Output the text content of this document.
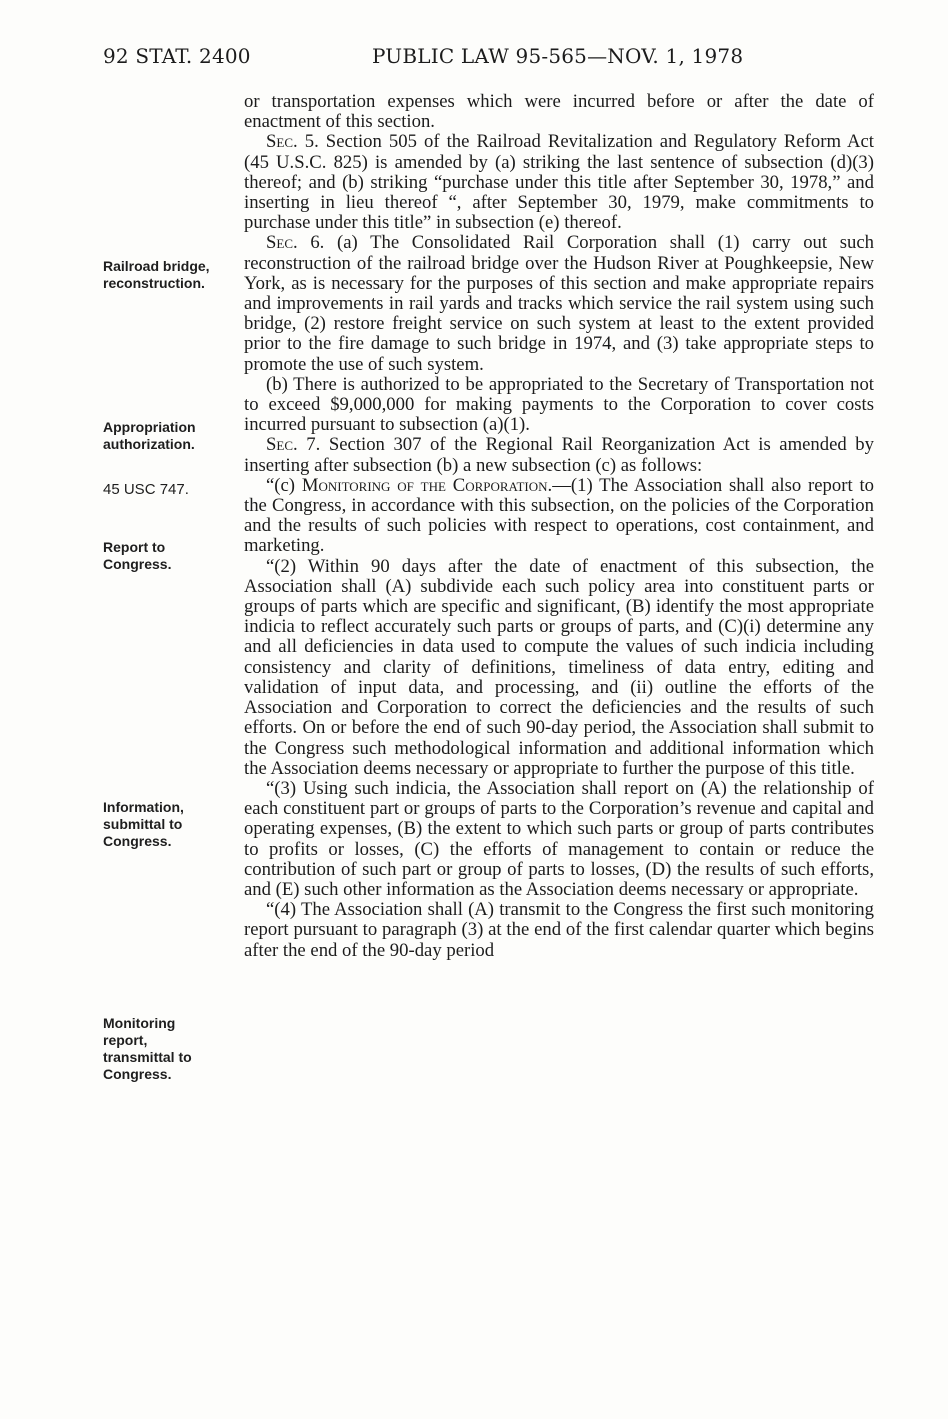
92 STAT. 2400	PUBLIC LAW 95-565—NOV. 1, 1978
Railroad bridge,
reconstruction.
Appropriation
authorization.
45 USC 747.
Report to
Congress.
Information,
submittal to
Congress.
Monitoring
report,
transmittal to
Congress.

or transportation expenses which were incurred before or after the date of enactment of this section.

Sec. 5. Section 505 of the Railroad Revitalization and Regulatory Reform Act (45 U.S.C. 825) is amended by (a) striking the last sentence of subsection (d)(3) thereof; and (b) striking “purchase under this title after September 30, 1978,” and inserting in lieu thereof “, after September 30, 1979, make commitments to purchase under this title” in subsection (e) thereof.

Sec. 6. (a) The Consolidated Rail Corporation shall (1) carry out such reconstruction of the railroad bridge over the Hudson River at Poughkeepsie, New York, as is necessary for the purposes of this section and make appropriate repairs and improvements in rail yards and tracks which service the rail system using such bridge, (2) restore freight service on such system at least to the extent provided prior to the fire damage to such bridge in 1974, and (3) take appropriate steps to promote the use of such system.

(b) There is authorized to be appropriated to the Secretary of Transportation not to exceed $9,000,000 for making payments to the Corporation to cover costs incurred pursuant to subsection (a)(1).

Sec. 7. Section 307 of the Regional Rail Reorganization Act is amended by inserting after subsection (b) a new subsection (c) as follows:

“(c) Monitoring of the Corporation.—(1) The Association shall also report to the Congress, in accordance with this subsection, on the policies of the Corporation and the results of such policies with respect to operations, cost containment, and marketing.

“(2) Within 90 days after the date of enactment of this subsection, the Association shall (A) subdivide each such policy area into constituent parts or groups of parts which are specific and significant, (B) identify the most appropriate indicia to reflect accurately such parts or groups of parts, and (C)(i) determine any and all deficiencies in data used to compute the values of such indicia including consistency and clarity of definitions, timeliness of data entry, editing and validation of input data, and processing, and (ii) outline the efforts of the Association and Corporation to correct the deficiencies and the results of such efforts. On or before the end of such 90-day period, the Association shall submit to the Congress such methodological information and additional information which the Association deems necessary or appropriate to further the purpose of this title.

“(3) Using such indicia, the Association shall report on (A) the relationship of each constituent part or groups of parts to the Corporation’s revenue and capital and operating expenses, (B) the extent to which such parts or group of parts contributes to profits or losses, (C) the efforts of management to contain or reduce the contribution of such part or group of parts to losses, (D) the results of such efforts, and (E) such other information as the Association deems necessary or appropriate.

“(4) The Association shall (A) transmit to the Congress the first such monitoring report pursuant to paragraph (3) at the end of the first calendar quarter which begins after the end of the 90-day period
